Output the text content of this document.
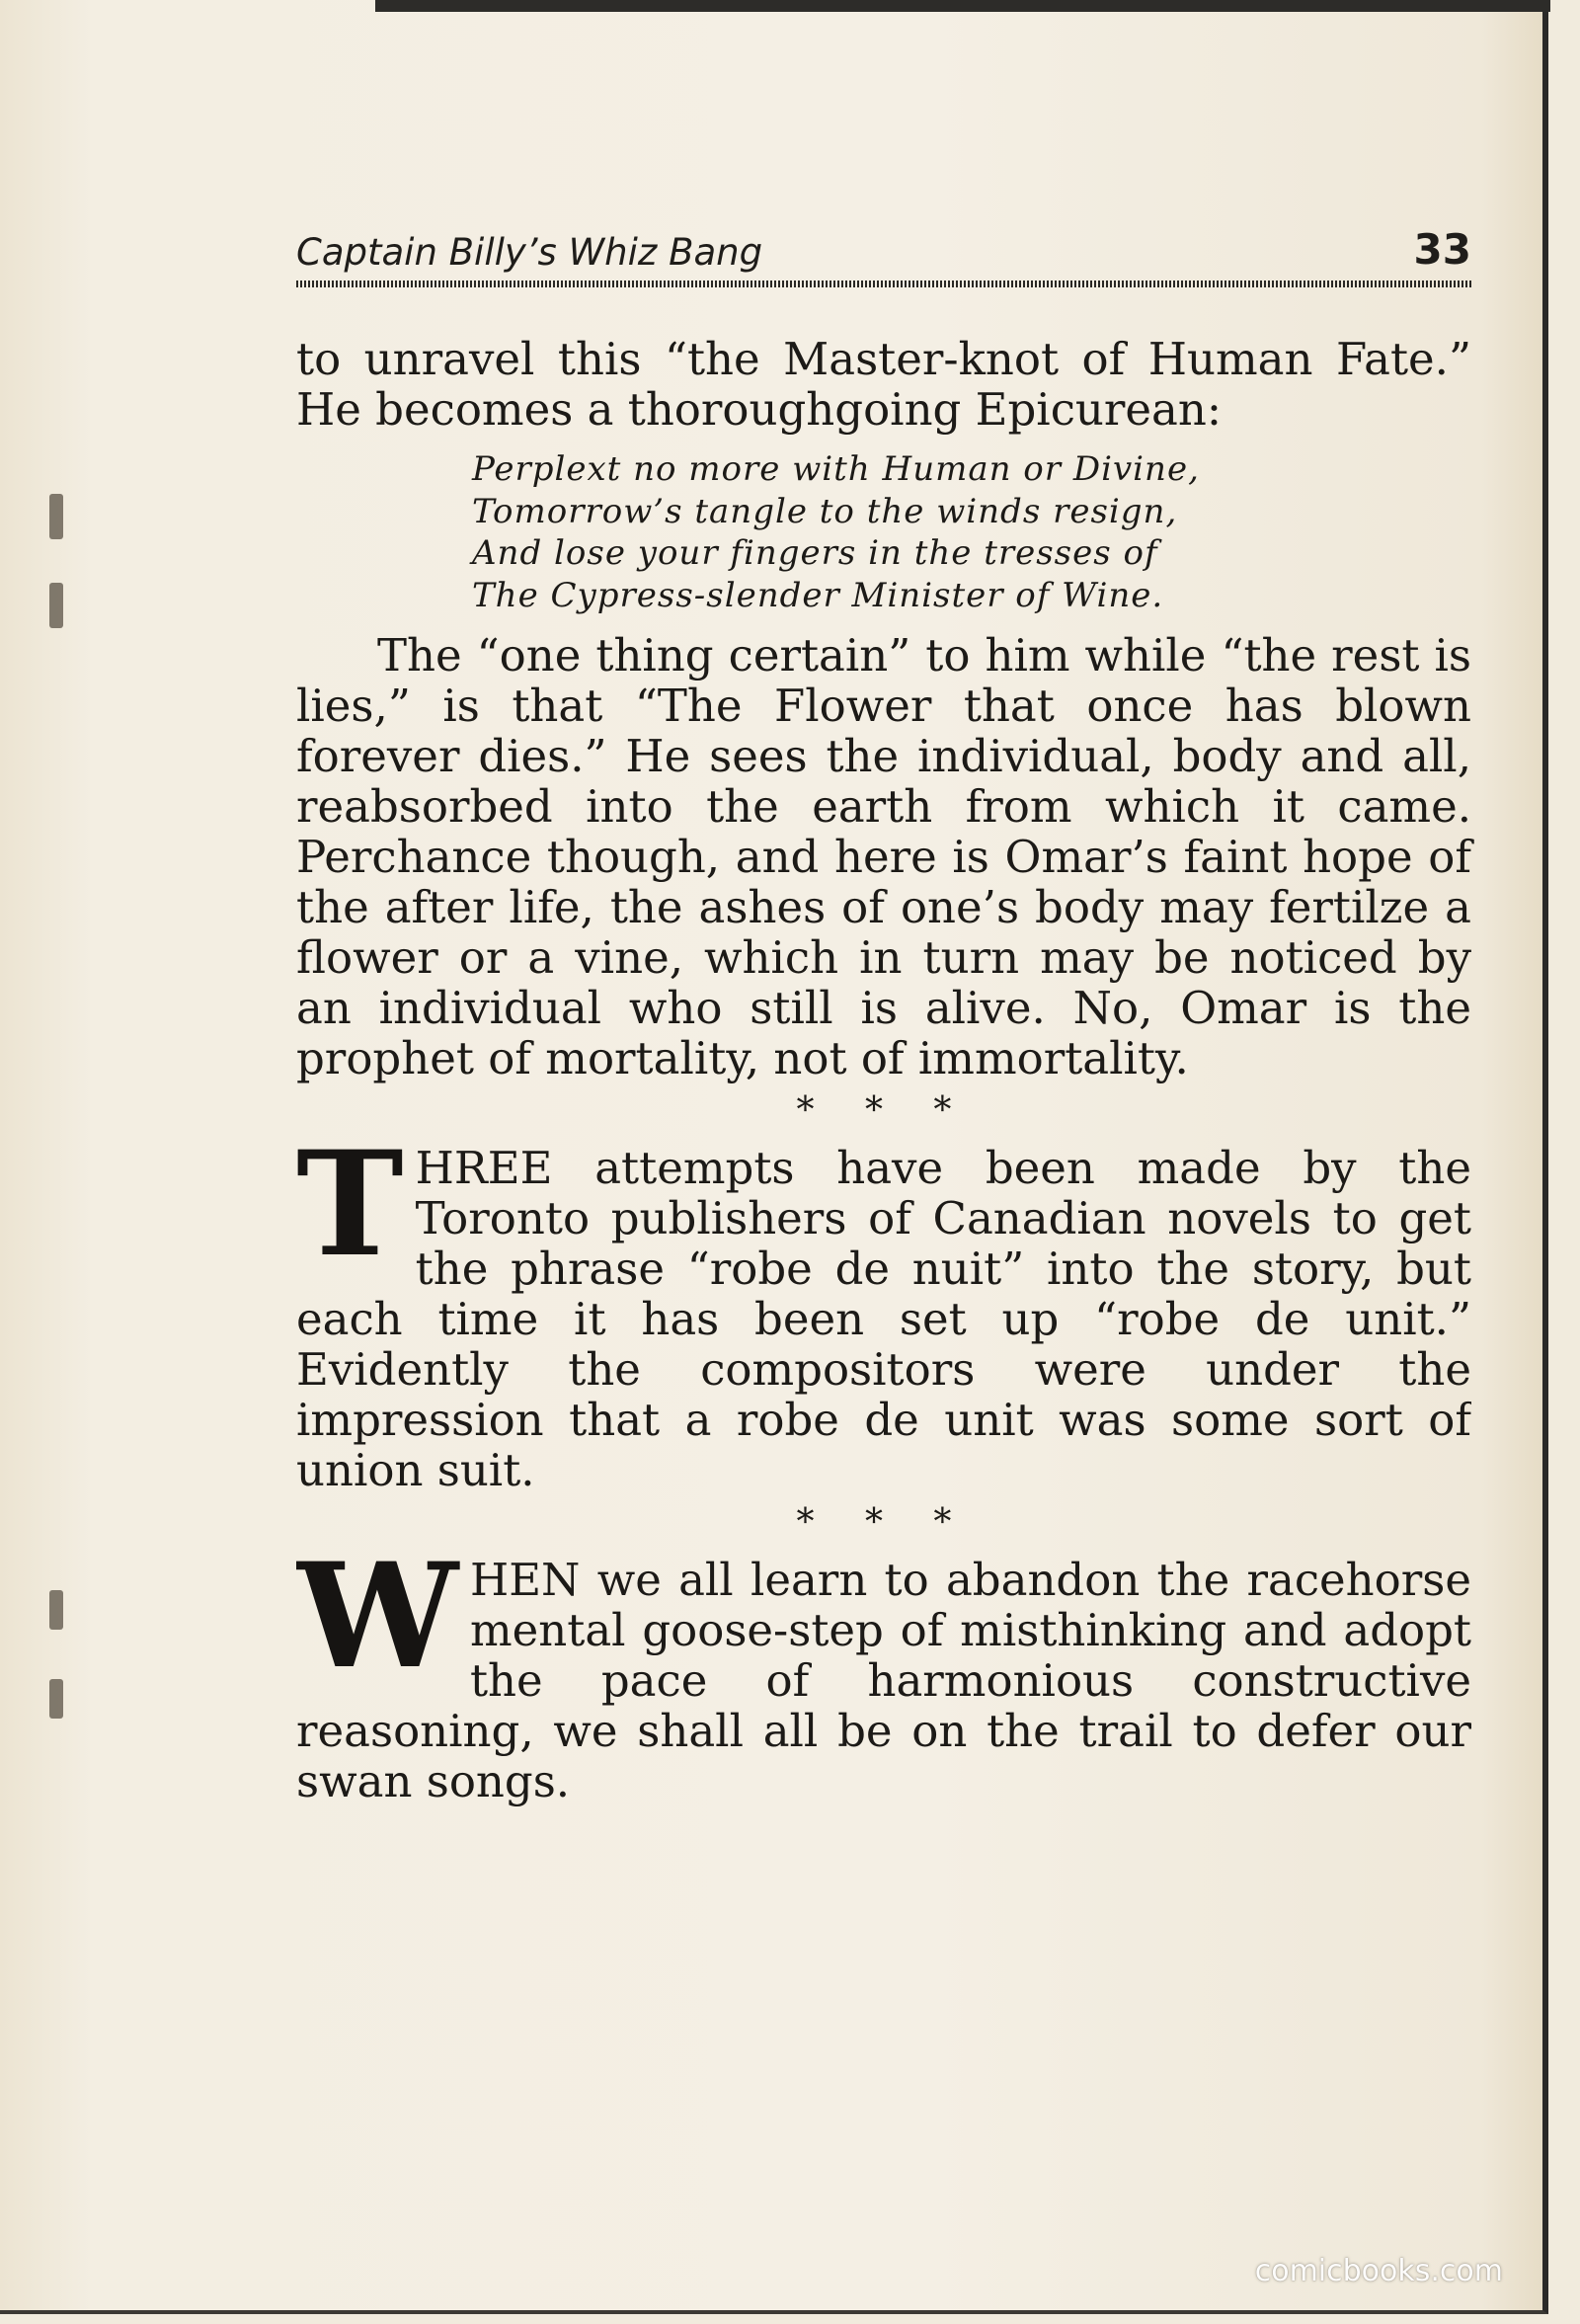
Captain Billy’s Whiz Bang	33

to unravel this “the Master-knot of Human Fate.” He becomes a thoroughgoing Epicurean:

Perplext no more with Human or Divine,
Tomorrow’s tangle to the winds resign,
And lose your fingers in the tresses of
The Cypress-slender Minister of Wine.

The “one thing certain” to him while “the rest is lies,” is that “The Flower that once has blown forever dies.” He sees the individual, body and all, reabsorbed into the earth from which it came. Perchance though, and here is Omar’s faint hope of the after life, the ashes of one’s body may fertilze a flower or a vine, which in turn may be noticed by an individual who still is alive. No, Omar is the prophet of mortality, not of immortality.

* * *
T HREE attempts have been made by the Toronto publishers of Canadian novels to get the phrase “robe de nuit” into the story, but each time it has been set up “robe de unit.” Evidently the compositors were under the impression that a robe de unit was some sort of union suit.

* * *
W HEN we all learn to abandon the racehorse mental goose-step of misthinking and adopt the pace of harmonious constructive reasoning, we shall all be on the trail to defer our swan songs.

comicbooks.com
